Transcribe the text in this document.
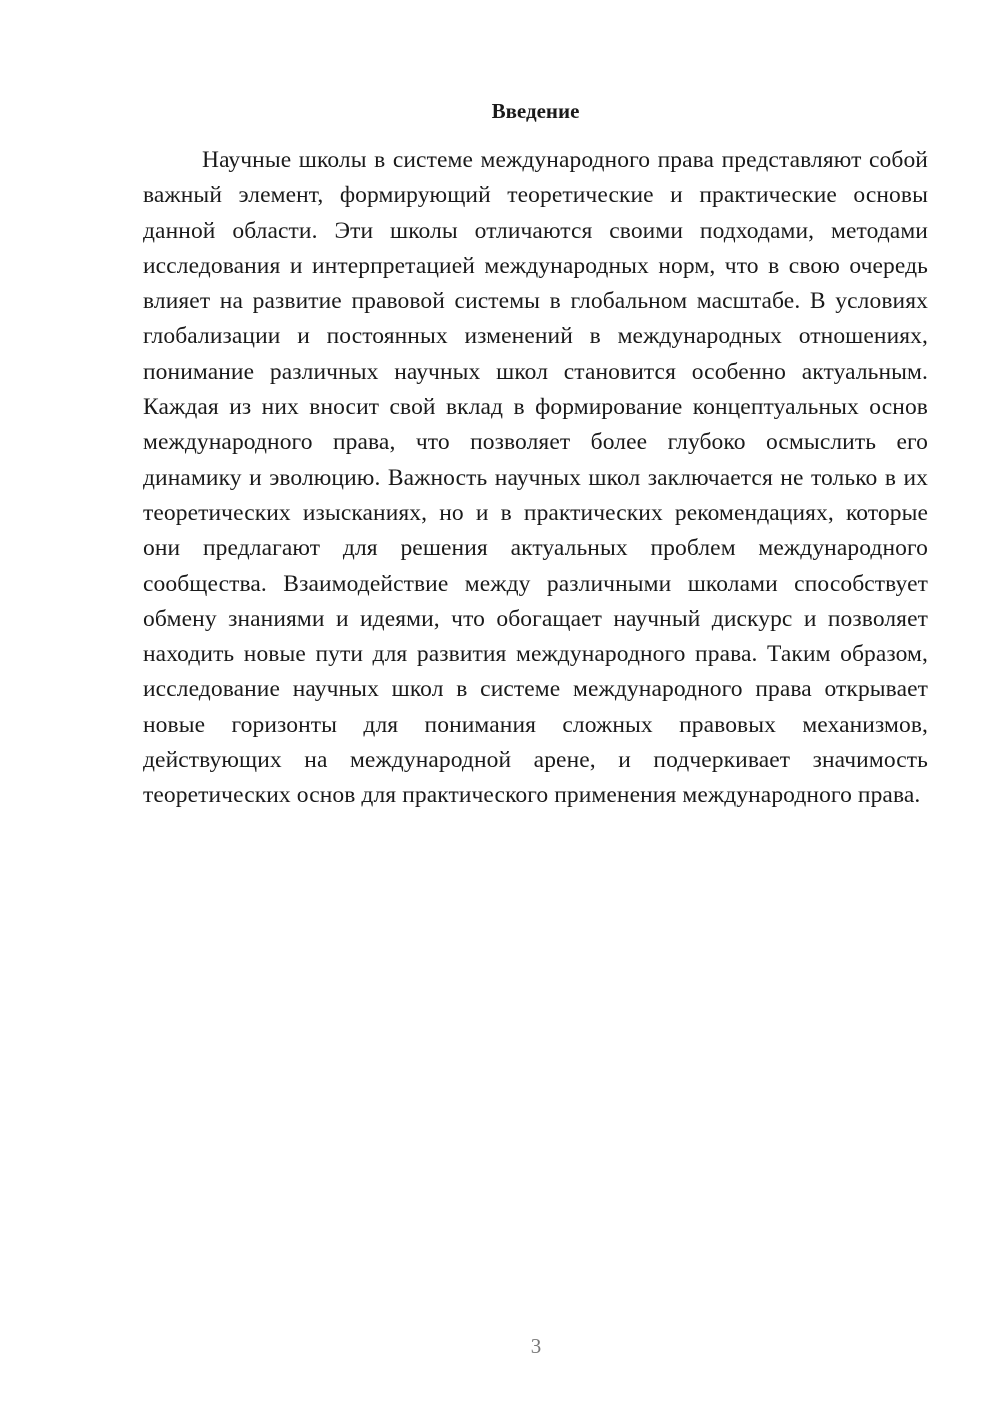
Введение

Научные школы в системе международного права представляют собой важный элемент, формирующий теоретические и практические основы данной области. Эти школы отличаются своими подходами, методами исследования и интерпретацией международных норм, что в свою очередь влияет на развитие правовой системы в глобальном масштабе. В условиях глобализации и постоянных изменений в международных отношениях, понимание различных научных школ становится особенно актуальным. Каждая из них вносит свой вклад в формирование концептуальных основ международного права, что позволяет более глубоко осмыслить его динамику и эволюцию. Важность научных школ заключается не только в их теоретических изысканиях, но и в практических рекомендациях, которые они предлагают для решения актуальных проблем международного сообщества. Взаимодействие между различными школами способствует обмену знаниями и идеями, что обогащает научный дискурс и позволяет находить новые пути для развития международного права. Таким образом, исследование научных школ в системе международного права открывает новые горизонты для понимания сложных правовых механизмов, действующих на международной арене, и подчеркивает значимость теоретических основ для практического применения международного права.

3
